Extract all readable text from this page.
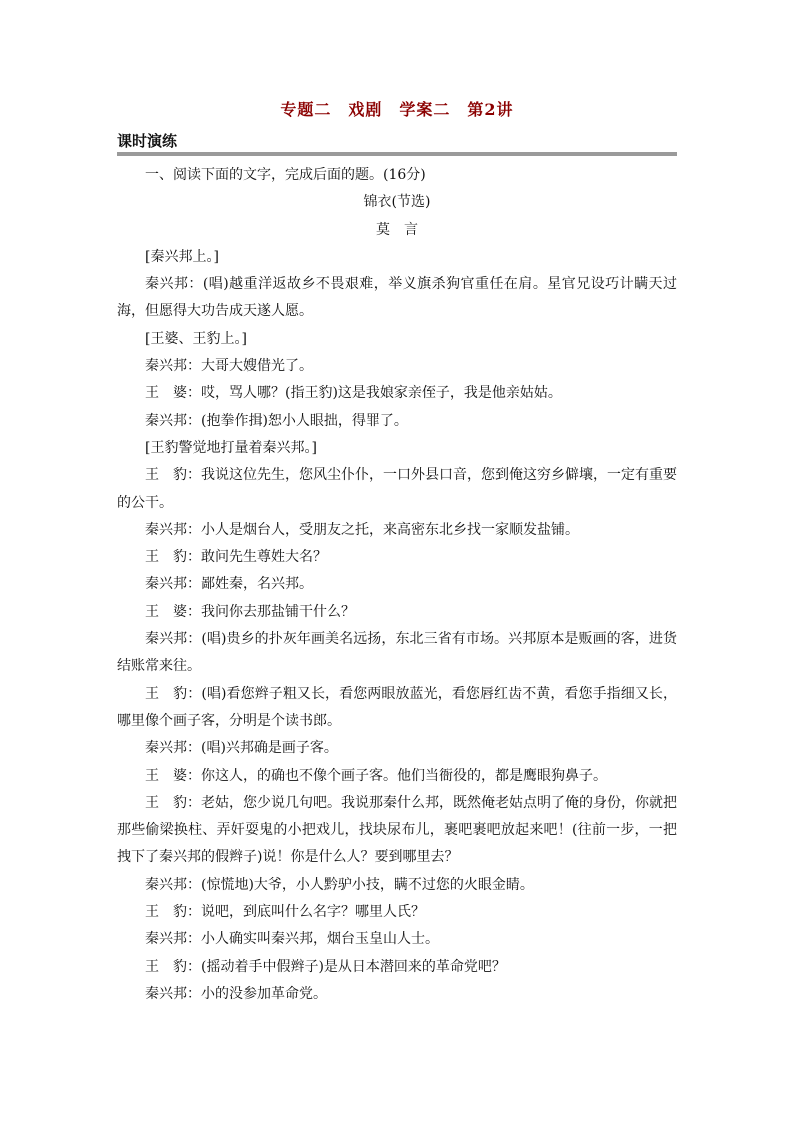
专题二　戏剧　学案二　第2讲
课时演练

一、阅读下面的文字，完成后面的题。(16分)

锦衣(节选)

莫言

[秦兴邦上。]

秦兴邦：(唱)越重洋返故乡不畏艰难，举义旗杀狗官重任在肩。星官兄设巧计瞒天过海，但愿得大功告成天遂人愿。

[王婆、王豹上。]

秦兴邦：大哥大嫂借光了。

王　婆：哎，骂人哪？(指王豹)这是我娘家亲侄子，我是他亲姑姑。

秦兴邦：(抱拳作揖)恕小人眼拙，得罪了。

[王豹警觉地打量着秦兴邦。]

王　豹：我说这位先生，您风尘仆仆，一口外县口音，您到俺这穷乡僻壤，一定有重要的公干。

秦兴邦：小人是烟台人，受朋友之托，来高密东北乡找一家顺发盐铺。

王　豹：敢问先生尊姓大名？

秦兴邦：鄙姓秦，名兴邦。

王　婆：我问你去那盐铺干什么？

秦兴邦：(唱)贵乡的扑灰年画美名远扬，东北三省有市场。兴邦原本是贩画的客，进货结账常来往。

王　豹：(唱)看您辫子粗又长，看您两眼放蓝光，看您唇红齿不黄，看您手指细又长，哪里像个画子客，分明是个读书郎。

秦兴邦：(唱)兴邦确是画子客。

王　婆：你这人，的确也不像个画子客。他们当衙役的，都是鹰眼狗鼻子。

王　豹：老姑，您少说几句吧。我说那秦什么邦，既然俺老姑点明了俺的身份，你就把那些偷梁换柱、弄奸耍鬼的小把戏儿，找块尿布儿，裹吧裹吧放起来吧！(往前一步，一把拽下了秦兴邦的假辫子)说！你是什么人？要到哪里去？

秦兴邦：(惊慌地)大爷，小人黔驴小技，瞒不过您的火眼金睛。

王　豹：说吧，到底叫什么名字？哪里人氏？

秦兴邦：小人确实叫秦兴邦，烟台玉皇山人士。

王　豹：(摇动着手中假辫子)是从日本潜回来的革命党吧？

秦兴邦：小的没参加革命党。
